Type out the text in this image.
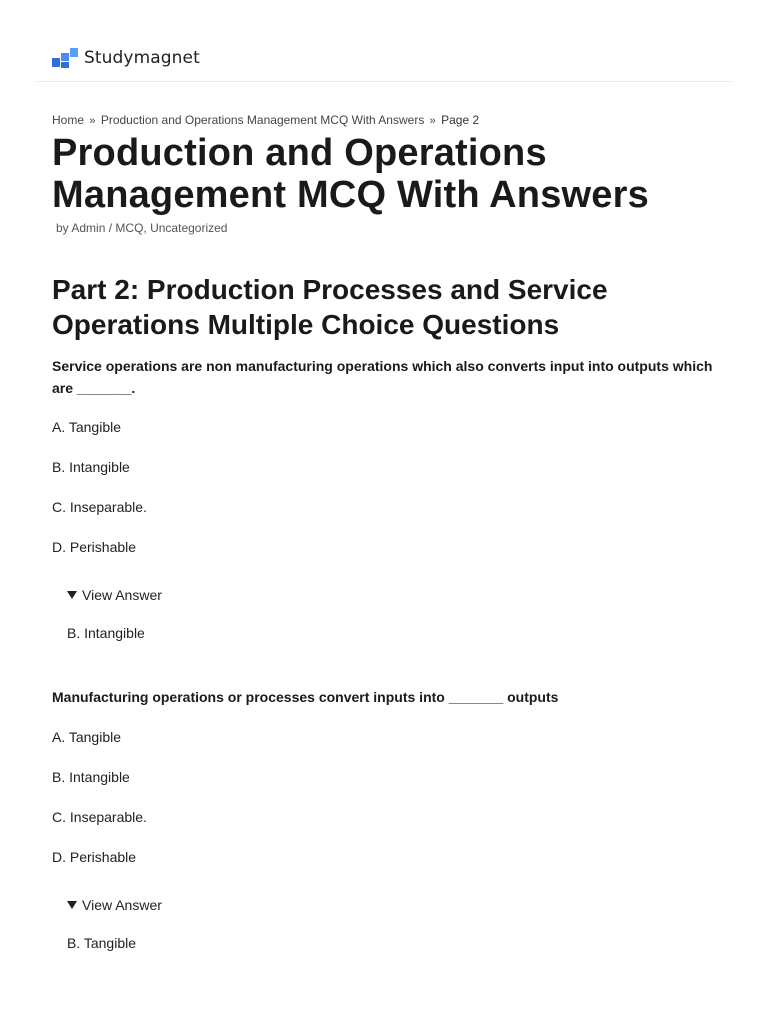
Studymagnet
Home » Production and Operations Management MCQ With Answers » Page 2
Production and Operations
Management MCQ With Answers
by Admin / MCQ, Uncategorized
Part 2: Production Processes and Service
Operations Multiple Choice Questions

Service operations are non manufacturing operations which also converts input into outputs which are _______.

A. Tangible

B. Intangible

C. Inseparable.

D. Perishable

View Answer
B. Intangible

Manufacturing operations or processes convert inputs into _______ outputs

A. Tangible

B. Intangible

C. Inseparable.

D. Perishable

View Answer
B. Tangible
